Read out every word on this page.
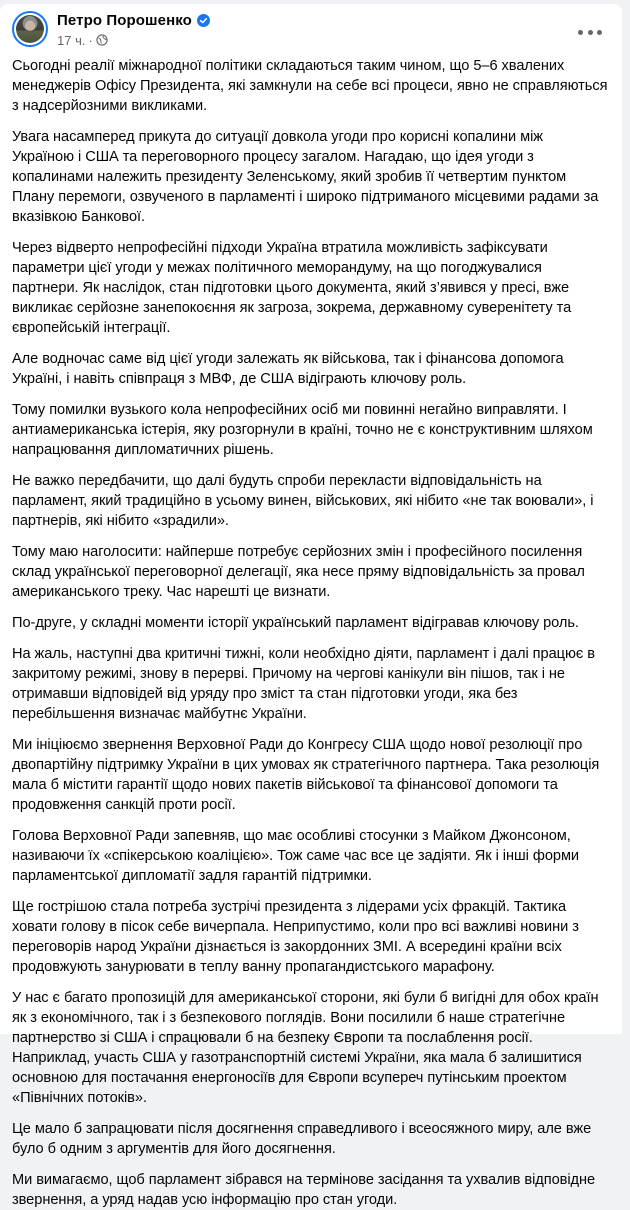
Петро Порошенко
17 ч. ·

Сьогодні реалії міжнародної політики складаються таким чином, що 5–6 хвалених менеджерів Офісу Президента, які замкнули на себе всі процеси, явно не справляються з надсерйозними викликами.

Увага насамперед прикута до ситуації довкола угоди про корисні копалини між Україною і США та переговорного процесу загалом. Нагадаю, що ідея угоди з копалинами належить президенту Зеленському, який зробив її четвертим пунктом Плану перемоги, озвученого в парламенті і широко підтриманого місцевими радами за вказівкою Банкової.

Через відверто непрофесійні підходи Україна втратила можливість зафіксувати параметри цієї угоди у межах політичного меморандуму, на що погоджувалися партнери. Як наслідок, стан підготовки цього документа, який з’явився у пресі, вже викликає серйозне занепокоєння як загроза, зокрема, державному суверенітету та європейській інтеграції.

Але водночас саме від цієї угоди залежать як військова, так і фінансова допомога Україні, і навіть співпраця з МВФ, де США відіграють ключову роль.

Тому помилки вузького кола непрофесійних осіб ми повинні негайно виправляти. І антиамериканська істерія, яку розгорнули в країні, точно не є конструктивним шляхом напрацювання дипломатичних рішень.

Не важко передбачити, що далі будуть спроби перекласти відповідальність на парламент, який традиційно в усьому винен, військових, які нібито «не так воювали», і партнерів, які нібито «зрадили».

Тому маю наголосити: найперше потребує серйозних змін і професійного посилення склад української переговорної делегації, яка несе пряму відповідальність за провал американського треку. Час нарешті це визнати.

По-друге, у складні моменти історії український парламент відігравав ключову роль.

На жаль, наступні два критичні тижні, коли необхідно діяти, парламент і далі працює в закритому режимі, знову в перерві. Причому на чергові канікули він пішов, так і не отримавши відповідей від уряду про зміст та стан підготовки угоди, яка без перебільшення визначає майбутнє України.

Ми ініціюємо звернення Верховної Ради до Конгресу США щодо нової резолюції про двопартійну підтримку України в цих умовах як стратегічного партнера. Така резолюція мала б містити гарантії щодо нових пакетів військової та фінансової допомоги та продовження санкцій проти росії.

Голова Верховної Ради запевняв, що має особливі стосунки з Майком Джонсоном, називаючи їх «спікерською коаліцією». Тож саме час все це задіяти. Як і інші форми парламентської дипломатії задля гарантій підтримки.

Ще гострішою стала потреба зустрічі президента з лідерами усіх фракцій. Тактика ховати голову в пісок себе вичерпала. Неприпустимо, коли про всі важливі новини з переговорів народ України дізнається із закордонних ЗМІ. А всередині країни всіх продовжують занурювати в теплу ванну пропагандистського марафону.

У нас є багато пропозицій для американської сторони, які були б вигідні для обох країн як з економічного, так і з безпекового поглядів. Вони посилили б наше стратегічне партнерство зі США і спрацювали б на безпеку Європи та послаблення росії. Наприклад, участь США у газотранспортній системі України, яка мала б залишитися основною для постачання енергоносіїв для Європи всупереч путінським проектом «Північних потоків».

Це мало б запрацювати після досягнення справедливого і всеосяжного миру, але вже було б одним з аргументів для його досягнення.

Ми вимагаємо, щоб парламент зібрався на термінове засідання та ухвалив відповідне звернення, а уряд надав усю інформацію про стан угоди.
